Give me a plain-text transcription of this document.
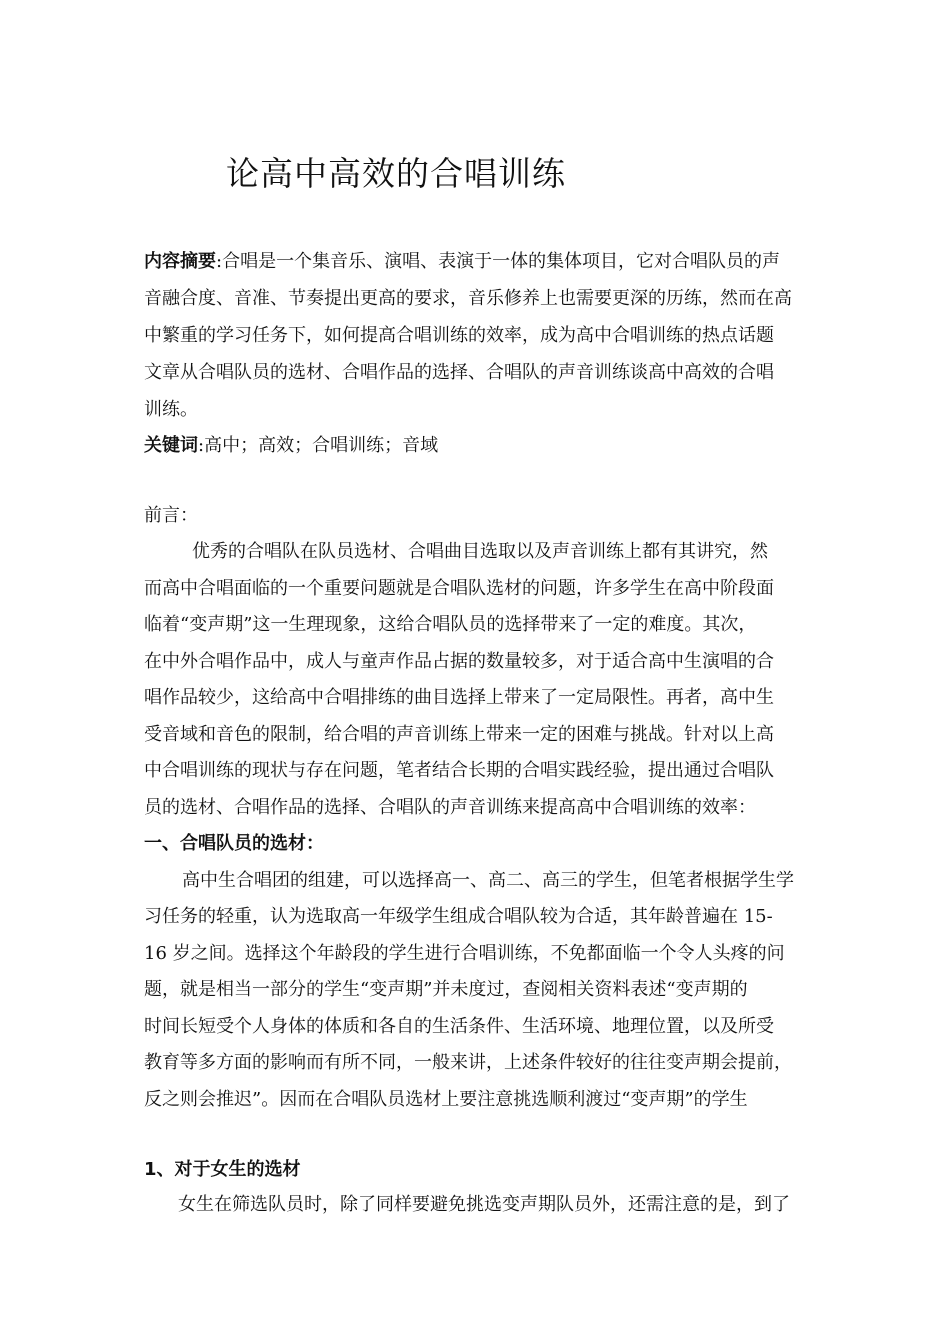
论高中高效的合唱训练
内容摘要:合唱是一个集音乐、演唱、表演于一体的集体项目，它对合唱队员的声
音融合度、音准、节奏提出更高的要求，音乐修养上也需要更深的历练，然而在高
中繁重的学习任务下，如何提高合唱训练的效率，成为高中合唱训练的热点话题
文章从合唱队员的选材、合唱作品的选择、合唱队的声音训练谈高中高效的合唱
训练。
关键词:高中；高效；合唱训练；音域
前言：
优秀的合唱队在队员选材、合唱曲目选取以及声音训练上都有其讲究，然
而高中合唱面临的一个重要问题就是合唱队选材的问题，许多学生在高中阶段面
临着“变声期”这一生理现象，这给合唱队员的选择带来了一定的难度。其次，
在中外合唱作品中，成人与童声作品占据的数量较多，对于适合高中生演唱的合
唱作品较少，这给高中合唱排练的曲目选择上带来了一定局限性。再者，高中生
受音域和音色的限制，给合唱的声音训练上带来一定的困难与挑战。针对以上高
中合唱训练的现状与存在问题，笔者结合长期的合唱实践经验，提出通过合唱队
员的选材、合唱作品的选择、合唱队的声音训练来提高高中合唱训练的效率：
一、合唱队员的选材：
高中生合唱团的组建，可以选择高一、高二、高三的学生，但笔者根据学生学
习任务的轻重，认为选取高一年级学生组成合唱队较为合适，其年龄普遍在 15-
16 岁之间。选择这个年龄段的学生进行合唱训练，不免都面临一个令人头疼的问
题，就是相当一部分的学生“变声期”并未度过，查阅相关资料表述“变声期的
时间长短受个人身体的体质和各自的生活条件、生活环境、地理位置，以及所受
教育等多方面的影响而有所不同，一般来讲，上述条件较好的往往变声期会提前，
反之则会推迟”。因而在合唱队员选材上要注意挑选顺利渡过“变声期”的学生
1、对于女生的选材
女生在筛选队员时，除了同样要避免挑选变声期队员外，还需注意的是，到了
